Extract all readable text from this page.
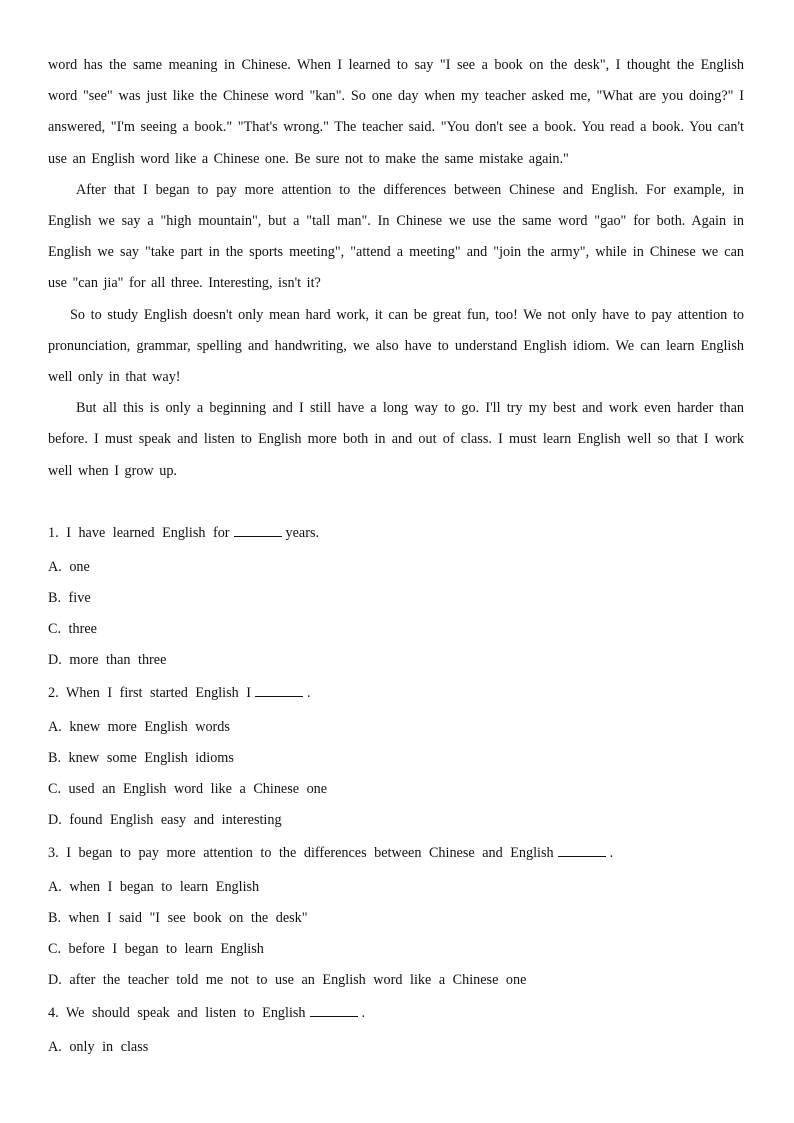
word has the same meaning in Chinese. When I learned to say "I see a book on the desk", I thought the English word "see" was just like the Chinese word "kan". So one day when my teacher asked me, "What are you doing?" I answered, "I'm seeing a book." "That's wrong." The teacher said. "You don't see a book. You read a book. You can't use an English word like a Chinese one. Be sure not to make the same mistake again."

After that I began to pay more attention to the differences between Chinese and English. For example, in English we say a "high mountain", but a "tall man". In Chinese we use the same word "gao" for both. Again in English we say "take part in the sports meeting", "attend a meeting" and "join the army", while in Chinese we can use "can jia" for all three. Interesting, isn't it?

So to study English doesn't only mean hard work, it can be great fun, too! We not only have to pay attention to pronunciation, grammar, spelling and handwriting, we also have to understand English idiom. We can learn English well only in that way!

But all this is only a beginning and I still have a long way to go. I'll try my best and work even harder than before. I must speak and listen to English more both in and out of class. I must learn English well so that I work well when I grow up.

1. I have learned English for	years.
A. one
B. five
C. three
D. more than three
2. When I first started English I	.
A. knew more English words
B. knew some English idioms
C. used an English word like a Chinese one
D. found English easy and interesting
3. I began to pay more attention to the differences between Chinese and English	.
A. when I began to learn English
B. when I said "I see book on the desk"
C. before I began to learn English
D. after the teacher told me not to use an English word like a Chinese one
4. We should speak and listen to English	.
A. only in class
